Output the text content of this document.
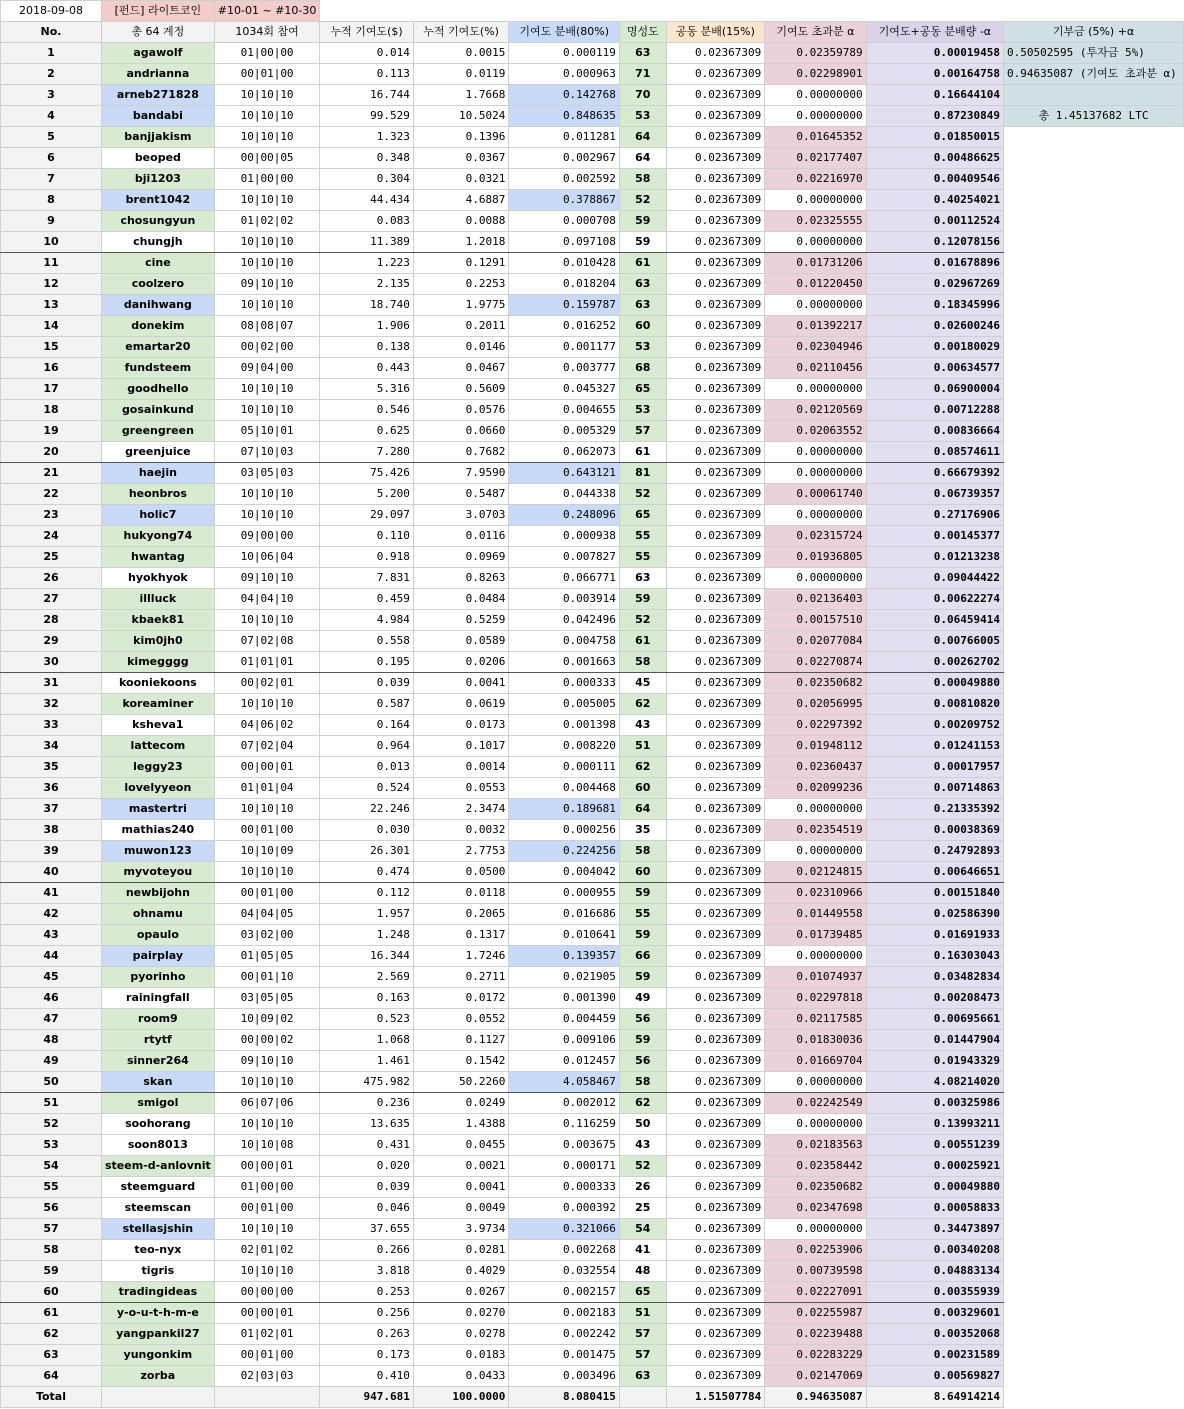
2018-09-08	[펀드] 라이트코인	#10-01 ~ #10-30								
No.	총 64 계정	1034회 참여	누적 기여도($)	누적 기여도(%)	기여도 분배(80%)	명성도	공동 분배(15%)	기여도 초과분 α	기여도+공동 분배량 -α	기부금 (5%) +α
1	agawolf	01|00|00	0.014	0.0015	0.000119	63	0.02367309	0.02359789	0.00019458	0.50502595 (투자금 5%)
2	andrianna	00|01|00	0.113	0.0119	0.000963	71	0.02367309	0.02298901	0.00164758	0.94635087 (기여도 초과분 α)
3	arneb271828	10|10|10	16.744	1.7668	0.142768	70	0.02367309	0.00000000	0.16644104	
4	bandabi	10|10|10	99.529	10.5024	0.848635	53	0.02367309	0.00000000	0.87230849	총 1.45137682 LTC
5	banjjakism	10|10|10	1.323	0.1396	0.011281	64	0.02367309	0.01645352	0.01850015	
6	beoped	00|00|05	0.348	0.0367	0.002967	64	0.02367309	0.02177407	0.00486625	
7	bji1203	01|00|00	0.304	0.0321	0.002592	58	0.02367309	0.02216970	0.00409546	
8	brent1042	10|10|10	44.434	4.6887	0.378867	52	0.02367309	0.00000000	0.40254021	
9	chosungyun	01|02|02	0.083	0.0088	0.000708	59	0.02367309	0.02325555	0.00112524	
10	chungjh	10|10|10	11.389	1.2018	0.097108	59	0.02367309	0.00000000	0.12078156	
11	cine	10|10|10	1.223	0.1291	0.010428	61	0.02367309	0.01731206	0.01678896	
12	coolzero	09|10|10	2.135	0.2253	0.018204	63	0.02367309	0.01220450	0.02967269	
13	danihwang	10|10|10	18.740	1.9775	0.159787	63	0.02367309	0.00000000	0.18345996	
14	donekim	08|08|07	1.906	0.2011	0.016252	60	0.02367309	0.01392217	0.02600246	
15	emartar20	00|02|00	0.138	0.0146	0.001177	53	0.02367309	0.02304946	0.00180029	
16	fundsteem	09|04|00	0.443	0.0467	0.003777	68	0.02367309	0.02110456	0.00634577	
17	goodhello	10|10|10	5.316	0.5609	0.045327	65	0.02367309	0.00000000	0.06900004	
18	gosainkund	10|10|10	0.546	0.0576	0.004655	53	0.02367309	0.02120569	0.00712288	
19	greengreen	05|10|01	0.625	0.0660	0.005329	57	0.02367309	0.02063552	0.00836664	
20	greenjuice	07|10|03	7.280	0.7682	0.062073	61	0.02367309	0.00000000	0.08574611	
21	haejin	03|05|03	75.426	7.9590	0.643121	81	0.02367309	0.00000000	0.66679392	
22	heonbros	10|10|10	5.200	0.5487	0.044338	52	0.02367309	0.00061740	0.06739357	
23	holic7	10|10|10	29.097	3.0703	0.248096	65	0.02367309	0.00000000	0.27176906	
24	hukyong74	09|00|00	0.110	0.0116	0.000938	55	0.02367309	0.02315724	0.00145377	
25	hwantag	10|06|04	0.918	0.0969	0.007827	55	0.02367309	0.01936805	0.01213238	
26	hyokhyok	09|10|10	7.831	0.8263	0.066771	63	0.02367309	0.00000000	0.09044422	
27	illluck	04|04|10	0.459	0.0484	0.003914	59	0.02367309	0.02136403	0.00622274	
28	kbaek81	10|10|10	4.984	0.5259	0.042496	52	0.02367309	0.00157510	0.06459414	
29	kim0jh0	07|02|08	0.558	0.0589	0.004758	61	0.02367309	0.02077084	0.00766005	
30	kimegggg	01|01|01	0.195	0.0206	0.001663	58	0.02367309	0.02270874	0.00262702	
31	kooniekoons	00|02|01	0.039	0.0041	0.000333	45	0.02367309	0.02350682	0.00049880	
32	koreaminer	10|10|10	0.587	0.0619	0.005005	62	0.02367309	0.02056995	0.00810820	
33	ksheva1	04|06|02	0.164	0.0173	0.001398	43	0.02367309	0.02297392	0.00209752	
34	lattecom	07|02|04	0.964	0.1017	0.008220	51	0.02367309	0.01948112	0.01241153	
35	leggy23	00|00|01	0.013	0.0014	0.000111	62	0.02367309	0.02360437	0.00017957	
36	lovelyyeon	01|01|04	0.524	0.0553	0.004468	60	0.02367309	0.02099236	0.00714863	
37	mastertri	10|10|10	22.246	2.3474	0.189681	64	0.02367309	0.00000000	0.21335392	
38	mathias240	00|01|00	0.030	0.0032	0.000256	35	0.02367309	0.02354519	0.00038369	
39	muwon123	10|10|09	26.301	2.7753	0.224256	58	0.02367309	0.00000000	0.24792893	
40	myvoteyou	10|10|10	0.474	0.0500	0.004042	60	0.02367309	0.02124815	0.00646651	
41	newbijohn	00|01|00	0.112	0.0118	0.000955	59	0.02367309	0.02310966	0.00151840	
42	ohnamu	04|04|05	1.957	0.2065	0.016686	55	0.02367309	0.01449558	0.02586390	
43	opaulo	03|02|00	1.248	0.1317	0.010641	59	0.02367309	0.01739485	0.01691933	
44	pairplay	01|05|05	16.344	1.7246	0.139357	66	0.02367309	0.00000000	0.16303043	
45	pyorinho	00|01|10	2.569	0.2711	0.021905	59	0.02367309	0.01074937	0.03482834	
46	rainingfall	03|05|05	0.163	0.0172	0.001390	49	0.02367309	0.02297818	0.00208473	
47	room9	10|09|02	0.523	0.0552	0.004459	56	0.02367309	0.02117585	0.00695661	
48	rtytf	00|00|02	1.068	0.1127	0.009106	59	0.02367309	0.01830036	0.01447904	
49	sinner264	09|10|10	1.461	0.1542	0.012457	56	0.02367309	0.01669704	0.01943329	
50	skan	10|10|10	475.982	50.2260	4.058467	58	0.02367309	0.00000000	4.08214020	
51	smigol	06|07|06	0.236	0.0249	0.002012	62	0.02367309	0.02242549	0.00325986	
52	soohorang	10|10|10	13.635	1.4388	0.116259	50	0.02367309	0.00000000	0.13993211	
53	soon8013	10|10|08	0.431	0.0455	0.003675	43	0.02367309	0.02183563	0.00551239	
54	steem-d-anlovnit	00|00|01	0.020	0.0021	0.000171	52	0.02367309	0.02358442	0.00025921	
55	steemguard	01|00|00	0.039	0.0041	0.000333	26	0.02367309	0.02350682	0.00049880	
56	steemscan	00|01|00	0.046	0.0049	0.000392	25	0.02367309	0.02347698	0.00058833	
57	stellasjshin	10|10|10	37.655	3.9734	0.321066	54	0.02367309	0.00000000	0.34473897	
58	teo-nyx	02|01|02	0.266	0.0281	0.002268	41	0.02367309	0.02253906	0.00340208	
59	tigris	10|10|10	3.818	0.4029	0.032554	48	0.02367309	0.00739598	0.04883134	
60	tradingideas	00|00|00	0.253	0.0267	0.002157	65	0.02367309	0.02227091	0.00355939	
61	y-o-u-t-h-m-e	00|00|01	0.256	0.0270	0.002183	51	0.02367309	0.02255987	0.00329601	
62	yangpankil27	01|02|01	0.263	0.0278	0.002242	57	0.02367309	0.02239488	0.00352068	
63	yungonkim	00|01|00	0.173	0.0183	0.001475	57	0.02367309	0.02283229	0.00231589	
64	zorba	02|03|03	0.410	0.0433	0.003496	63	0.02367309	0.02147069	0.00569827	
Total			947.681	100.0000	8.080415		1.51507784	0.94635087	8.64914214	
